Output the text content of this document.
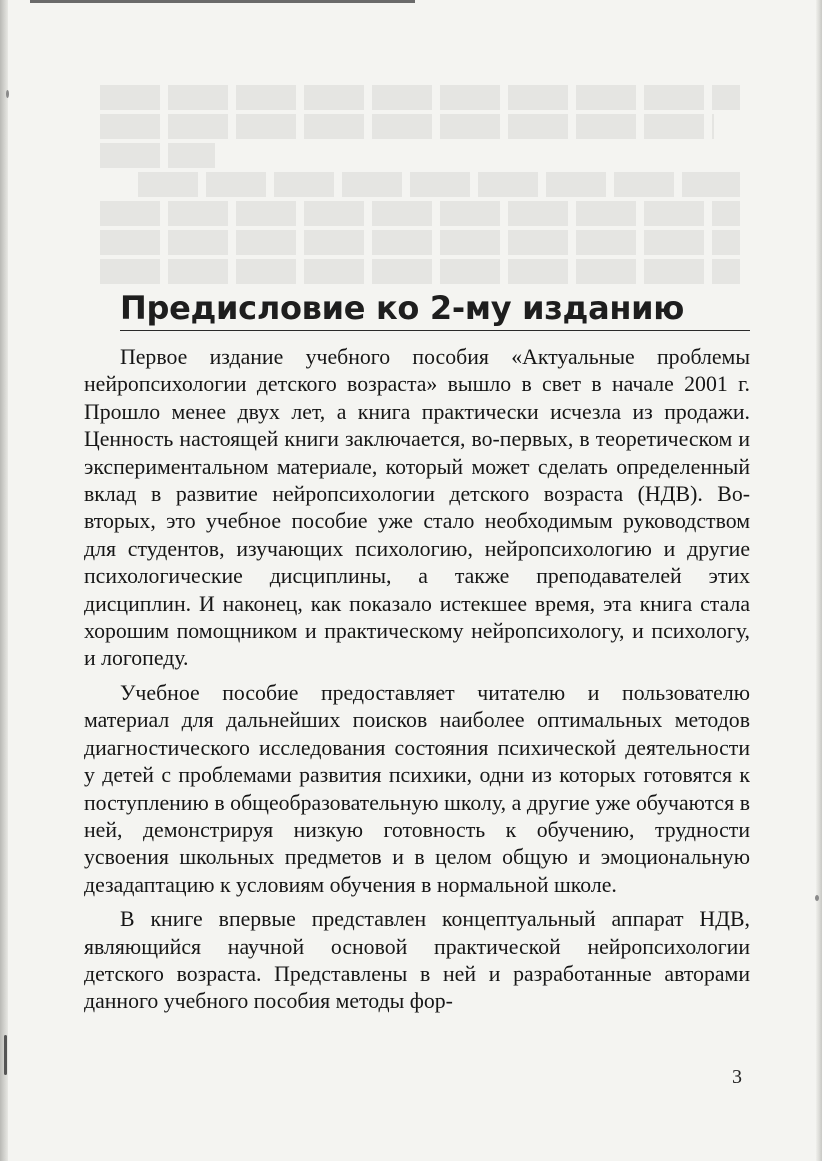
Предисловие ко 2-му изданию

Первое издание учебного пособия «Актуальные проблемы нейропсихологии детского возраста» вышло в свет в начале 2001 г. Прошло менее двух лет, а книга практически исчезла из продажи. Ценность настоящей книги заключается, во-первых, в теоретическом и экспериментальном материале, который может сделать определенный вклад в развитие нейропсихологии детского возраста (НДВ). Во-вторых, это учебное пособие уже стало необходимым руководством для студентов, изучающих психологию, нейропсихологию и другие психологические дисциплины, а также преподавателей этих дисциплин. И наконец, как показало истекшее время, эта книга стала хорошим помощником и практическому нейропсихологу, и психологу, и логопеду.

Учебное пособие предоставляет читателю и пользователю материал для дальнейших поисков наиболее оптимальных методов диагностического исследования состояния психической деятельности у детей с проблемами развития психики, одни из которых готовятся к поступлению в общеобразовательную школу, а другие уже обучаются в ней, демонстрируя низкую готовность к обучению, трудности усвоения школьных предметов и в целом общую и эмоциональную дезадаптацию к условиям обучения в нормальной школе.

В книге впервые представлен концептуальный аппарат НДВ, являющийся научной основой практической нейропсихологии детского возраста. Представлены в ней и разработанные авторами данного учебного пособия методы фор-

3
